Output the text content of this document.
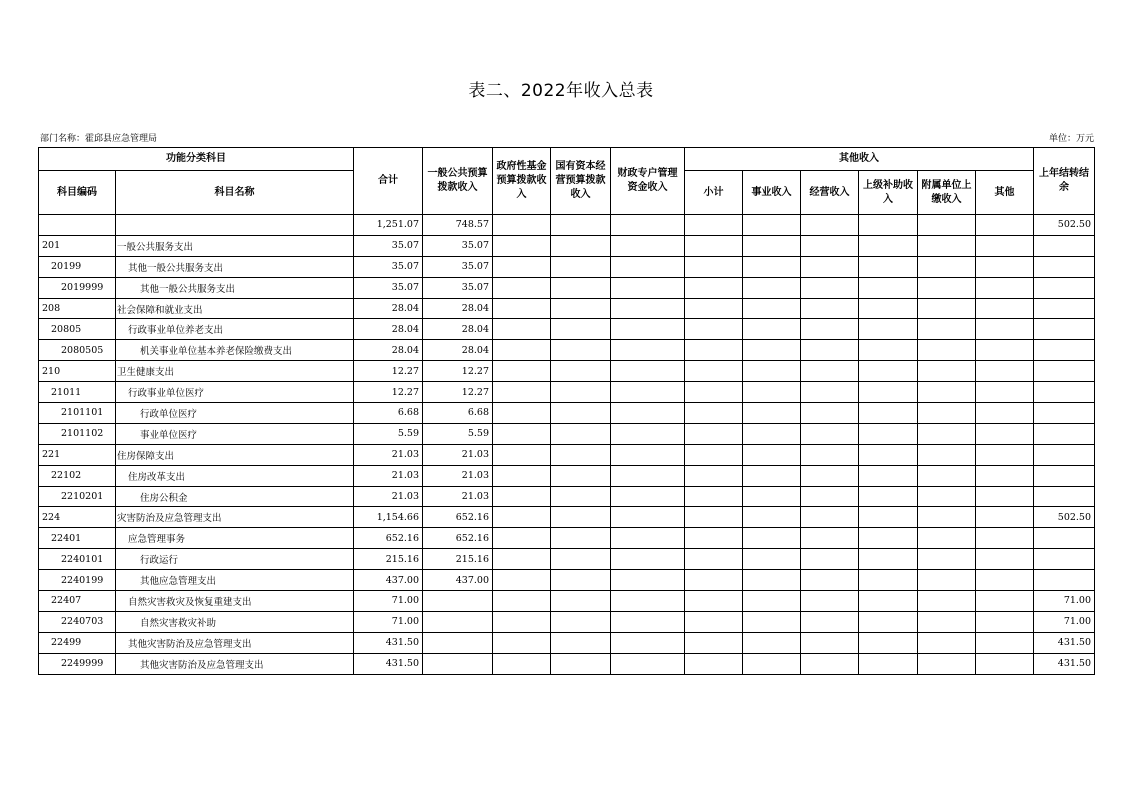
表二、2022年收入总表
部门名称：霍邱县应急管理局	单位：万元
功能分类科目		合计	一般公共预算拨款收入	政府性基金预算拨款收入	国有资本经营预算拨款收入	财政专户管理资金收入	其他收入						上年结转结余
科目编码	科目名称						小计	事业收入	经营收入	上级补助收入	附属单位上缴收入	其他	
		1,251.07	748.57										502.50
201	一般公共服务支出	35.07	35.07										
20199	其他一般公共服务支出	35.07	35.07										
2019999	其他一般公共服务支出	35.07	35.07										
208	社会保障和就业支出	28.04	28.04										
20805	行政事业单位养老支出	28.04	28.04										
2080505	机关事业单位基本养老保险缴费支出	28.04	28.04										
210	卫生健康支出	12.27	12.27										
21011	行政事业单位医疗	12.27	12.27										
2101101	行政单位医疗	6.68	6.68										
2101102	事业单位医疗	5.59	5.59										
221	住房保障支出	21.03	21.03										
22102	住房改革支出	21.03	21.03										
2210201	住房公积金	21.03	21.03										
224	灾害防治及应急管理支出	1,154.66	652.16										502.50
22401	应急管理事务	652.16	652.16										
2240101	行政运行	215.16	215.16										
2240199	其他应急管理支出	437.00	437.00										
22407	自然灾害救灾及恢复重建支出	71.00											71.00
2240703	自然灾害救灾补助	71.00											71.00
22499	其他灾害防治及应急管理支出	431.50											431.50
2249999	其他灾害防治及应急管理支出	431.50											431.50
